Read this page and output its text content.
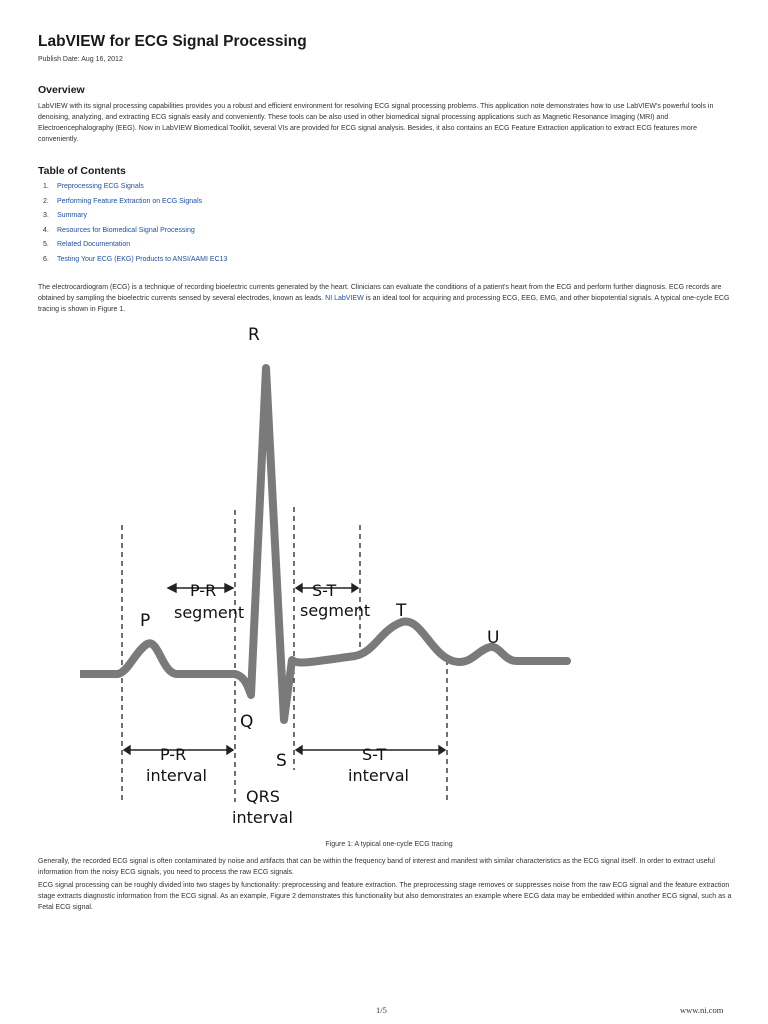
LabVIEW for ECG Signal Processing
Publish Date: Aug 16, 2012
Overview
LabVIEW with its signal processing capabilities provides you a robust and efficient environment for resolving ECG signal processing problems. This application note demonstrates how to use LabVIEW's powerful tools in denoising, analyzing, and extracting ECG signals easily and conveniently. These tools can be also used in other biomedical signal processing applications such as Magnetic Resonance Imaging (MRI) and Electroencephalography (EEG). Now in LabVIEW Biomedical Toolkit, several VIs are provided for ECG signal analysis. Besides, it also contains an ECG Feature Extraction application to extract ECG features more conveniently.
Table of Contents
1. Preprocessing ECG Signals
2. Performing Feature Extraction on ECG Signals
3. Summary
4. Resources for Biomedical Signal Processing
5. Related Documentation
6. Testing Your ECG (EKG) Products to ANSI/AAMI EC13
The electrocardiogram (ECG) is a technique of recording bioelectric currents generated by the heart. Clinicians can evaluate the conditions of a patient's heart from the ECG and perform further diagnosis. ECG records are obtained by sampling the bioelectric currents sensed by several electrodes, known as leads. NI LabVIEW is an ideal tool for acquiring and processing ECG, EEG, EMG, and other biopotential signals. A typical one-cycle ECG tracing is shown in Figure 1.
R
P
Q
S
T
U
P-R
segment
S-T
segment
P-R
interval
S-T
interval
QRS
interval
Figure 1: A typical one-cycle ECG tracing
Generally, the recorded ECG signal is often contaminated by noise and artifacts that can be within the frequency band of interest and manifest with similar characteristics as the ECG signal itself. In order to extract useful information from the noisy ECG signals, you need to process the raw ECG signals.
ECG signal processing can be roughly divided into two stages by functionality: preprocessing and feature extraction. The preprocessing stage removes or suppresses noise from the raw ECG signal and the feature extraction stage extracts diagnostic information from the ECG signal. As an example, Figure 2 demonstrates this functionality but also demonstrates an example where ECG data may be embedded within another ECG signal, such as a Fetal ECG signal.
1/5	www.ni.com
